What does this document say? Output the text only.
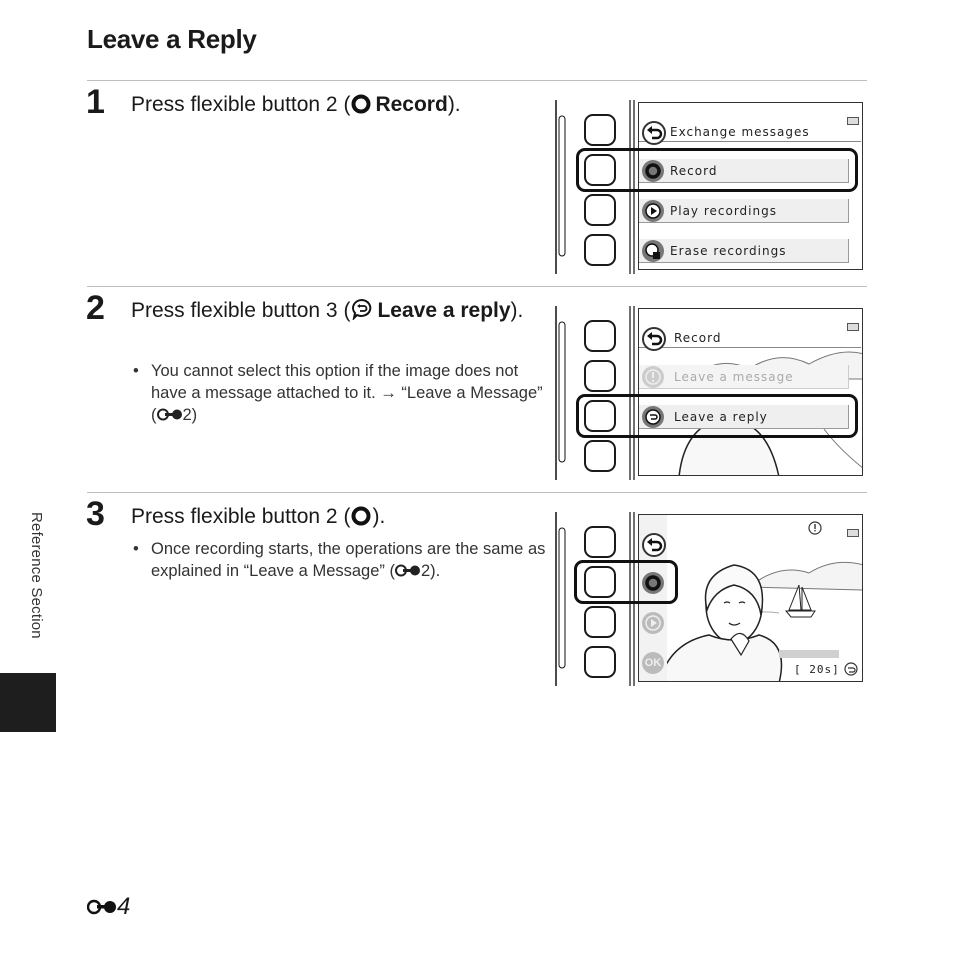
Leave a Reply
1 Press flexible button 2 ( Record).
Exchange messages
Record
Play recordings
Erase recordings
2 Press flexible button 3 ( Leave a reply).
• You cannot select this option if the image does not have a message attached to it. → “Leave a Message” ( 2)
Record
Leave a message
Leave a reply
3 Press flexible button 2 ( ).
• Once recording starts, the operations are the same as explained in “Leave a Message” ( 2).
OK	[ 20s]
Reference Section
4
